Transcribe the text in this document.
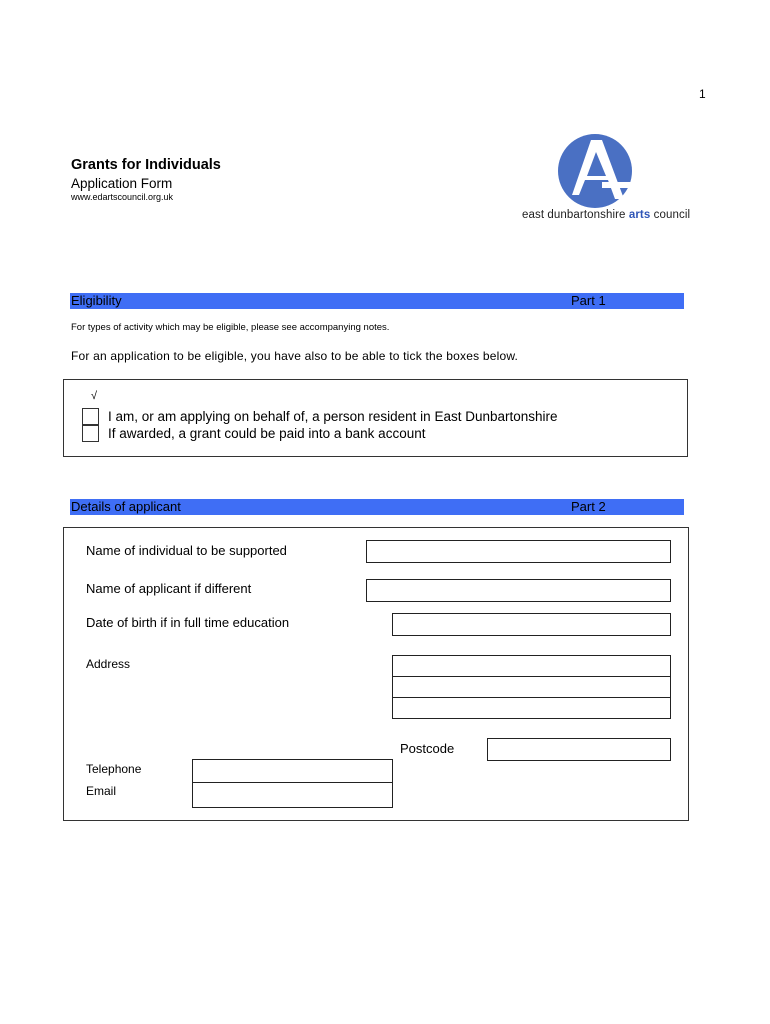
1
Grants for Individuals
Application Form
www.edartscouncil.org.uk
east dunbartonshire arts council
Eligibility	Part 1
For types of activity which may be eligible, please see accompanying notes.
For an application to be eligible, you have also to be able to tick the boxes below.
√
I am, or am applying on behalf of, a person resident in East Dunbartonshire
If awarded, a grant could be paid into a bank account
Details of applicant	Part 2
Name of individual to be supported
Name of applicant if different
Date of birth if in full time education
Address
Postcode
Telephone
Email
